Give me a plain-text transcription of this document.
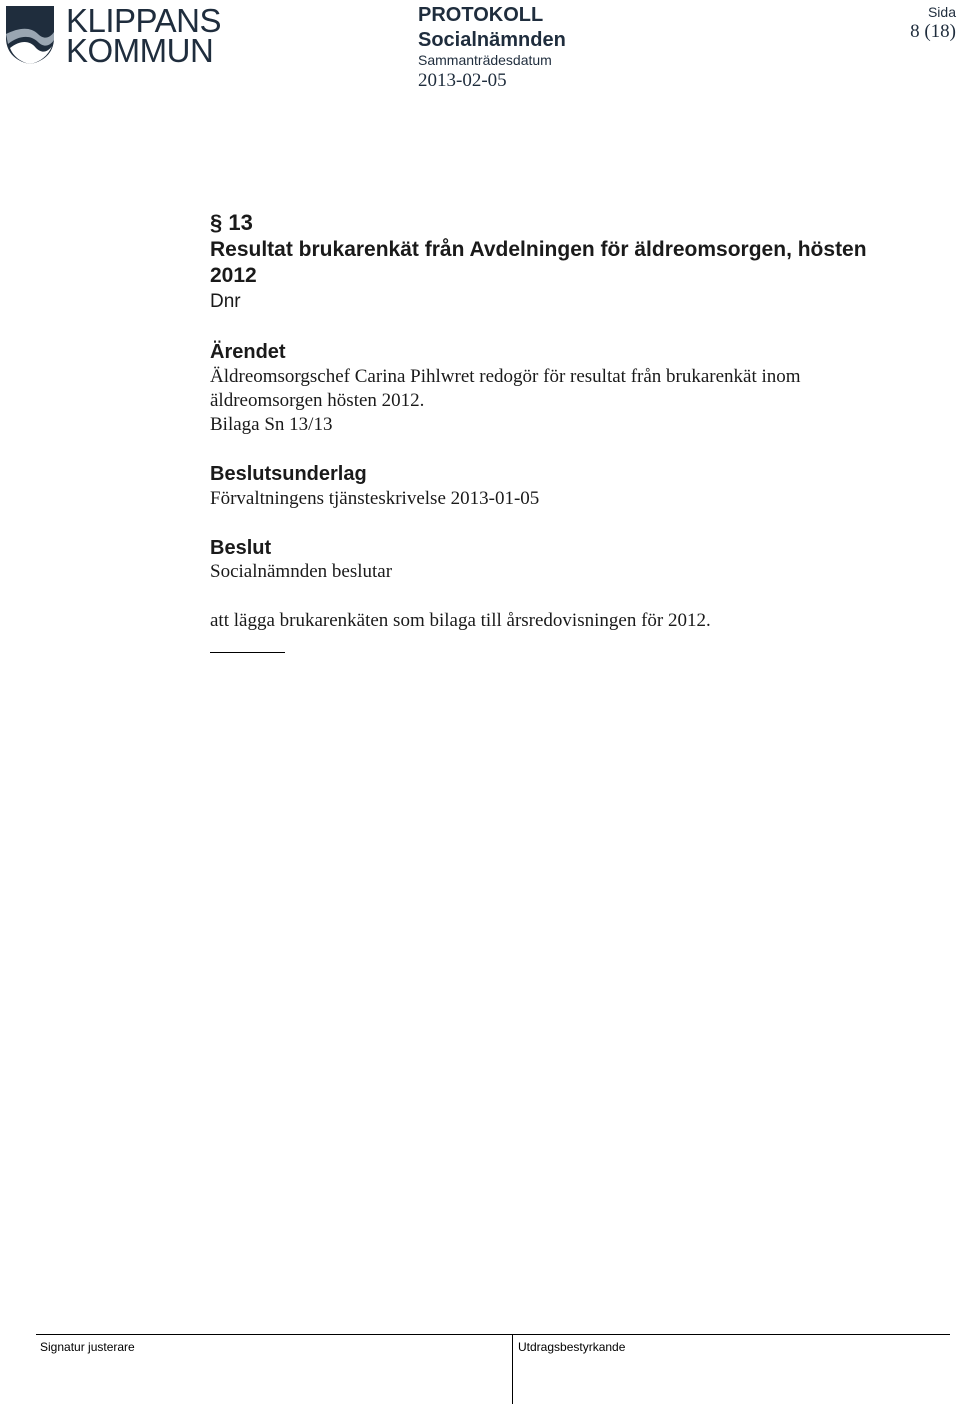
KLIPPANS
KOMMUN
PROTOKOLL
Socialnämnden
Sammanträdesdatum
2013-02-05
Sida
8 (18)
§ 13
Resultat brukarenkät från Avdelningen för äldreomsorgen, hösten
2012
Dnr
Ärendet
Äldreomsorgschef Carina Pihlwret redogör för resultat från brukarenkät inom
äldreomsorgen hösten 2012.
Bilaga Sn 13/13
Beslutsunderlag
Förvaltningens tjänsteskrivelse 2013-01-05
Beslut
Socialnämnden beslutar
att lägga brukarenkäten som bilaga till årsredovisningen för 2012.
Signatur justerare	Utdragsbestyrkande
